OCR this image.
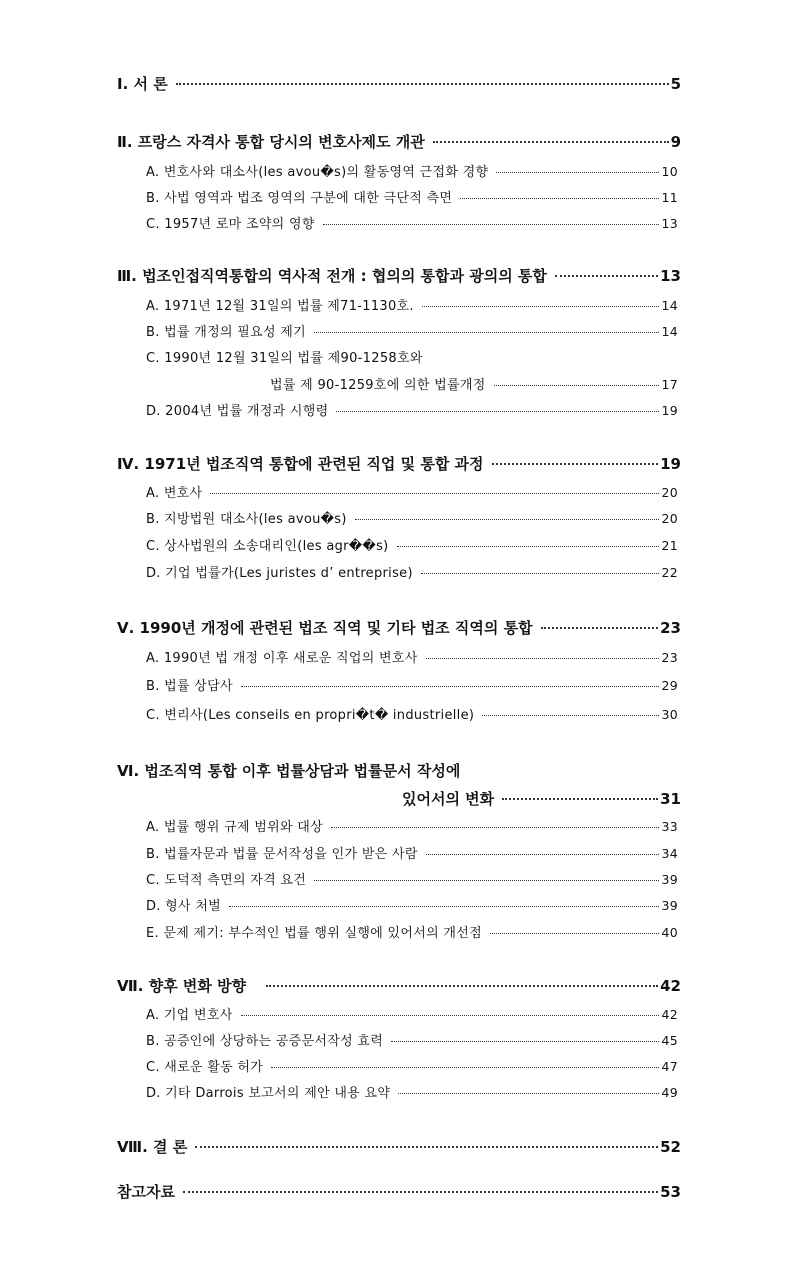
Ⅰ. 서 론	5
Ⅱ. 프랑스 자격사 통합 당시의 변호사제도 개관	9
A. 변호사와 대소사(les avou�s)의 활동영역 근접화 경향	10
B. 사법 영역과 법조 영역의 구분에 대한 극단적 측면	11
C. 1957년 로마 조약의 영향	13
Ⅲ. 법조인접직역통합의 역사적 전개 : 협의의 통합과 광의의 통합	13
A. 1971년 12월 31일의 법률 제71-1130호.	14
B. 법률 개정의 필요성 제기	14
C. 1990년 12월 31일의 법률 제90-1258호와
법률 제 90-1259호에 의한 법률개정	17
D. 2004년 법률 개정과 시행령	19
Ⅳ. 1971년 법조직역 통합에 관련된 직업 및 통합 과정	19
A. 변호사	20
B. 지방법원 대소사(les avou�s)	20
C. 상사법원의 소송대리인(les agr��s)	21
D. 기업 법률가(Les juristes d’ entreprise)	22
Ⅴ. 1990년 개정에 관련된 법조 직역 및 기타 법조 직역의 통합	23
A. 1990년 법 개정 이후 새로운 직업의 변호사	23
B. 법률 상담사	29
C. 변리사(Les conseils en propri�t� industrielle)	30
Ⅵ. 법조직역 통합 이후 법률상담과 법률문서 작성에
있어서의 변화	31
A. 법률 행위 규제 범위와 대상	33
B. 법률자문과 법률 문서작성을 인가 받은 사람	34
C. 도덕적 측면의 자격 요건	39
D. 형사 처벌	39
E. 문제 제기: 부수적인 법률 행위 실행에 있어서의 개선점	40
Ⅶ. 향후 변화 방향	42
A. 기업 변호사	42
B. 공증인에 상당하는 공증문서작성 효력	45
C. 새로운 활동 허가	47
D. 기타 Darrois 보고서의 제안 내용 요약	49
Ⅷ. 결 론	52
참고자료	53
